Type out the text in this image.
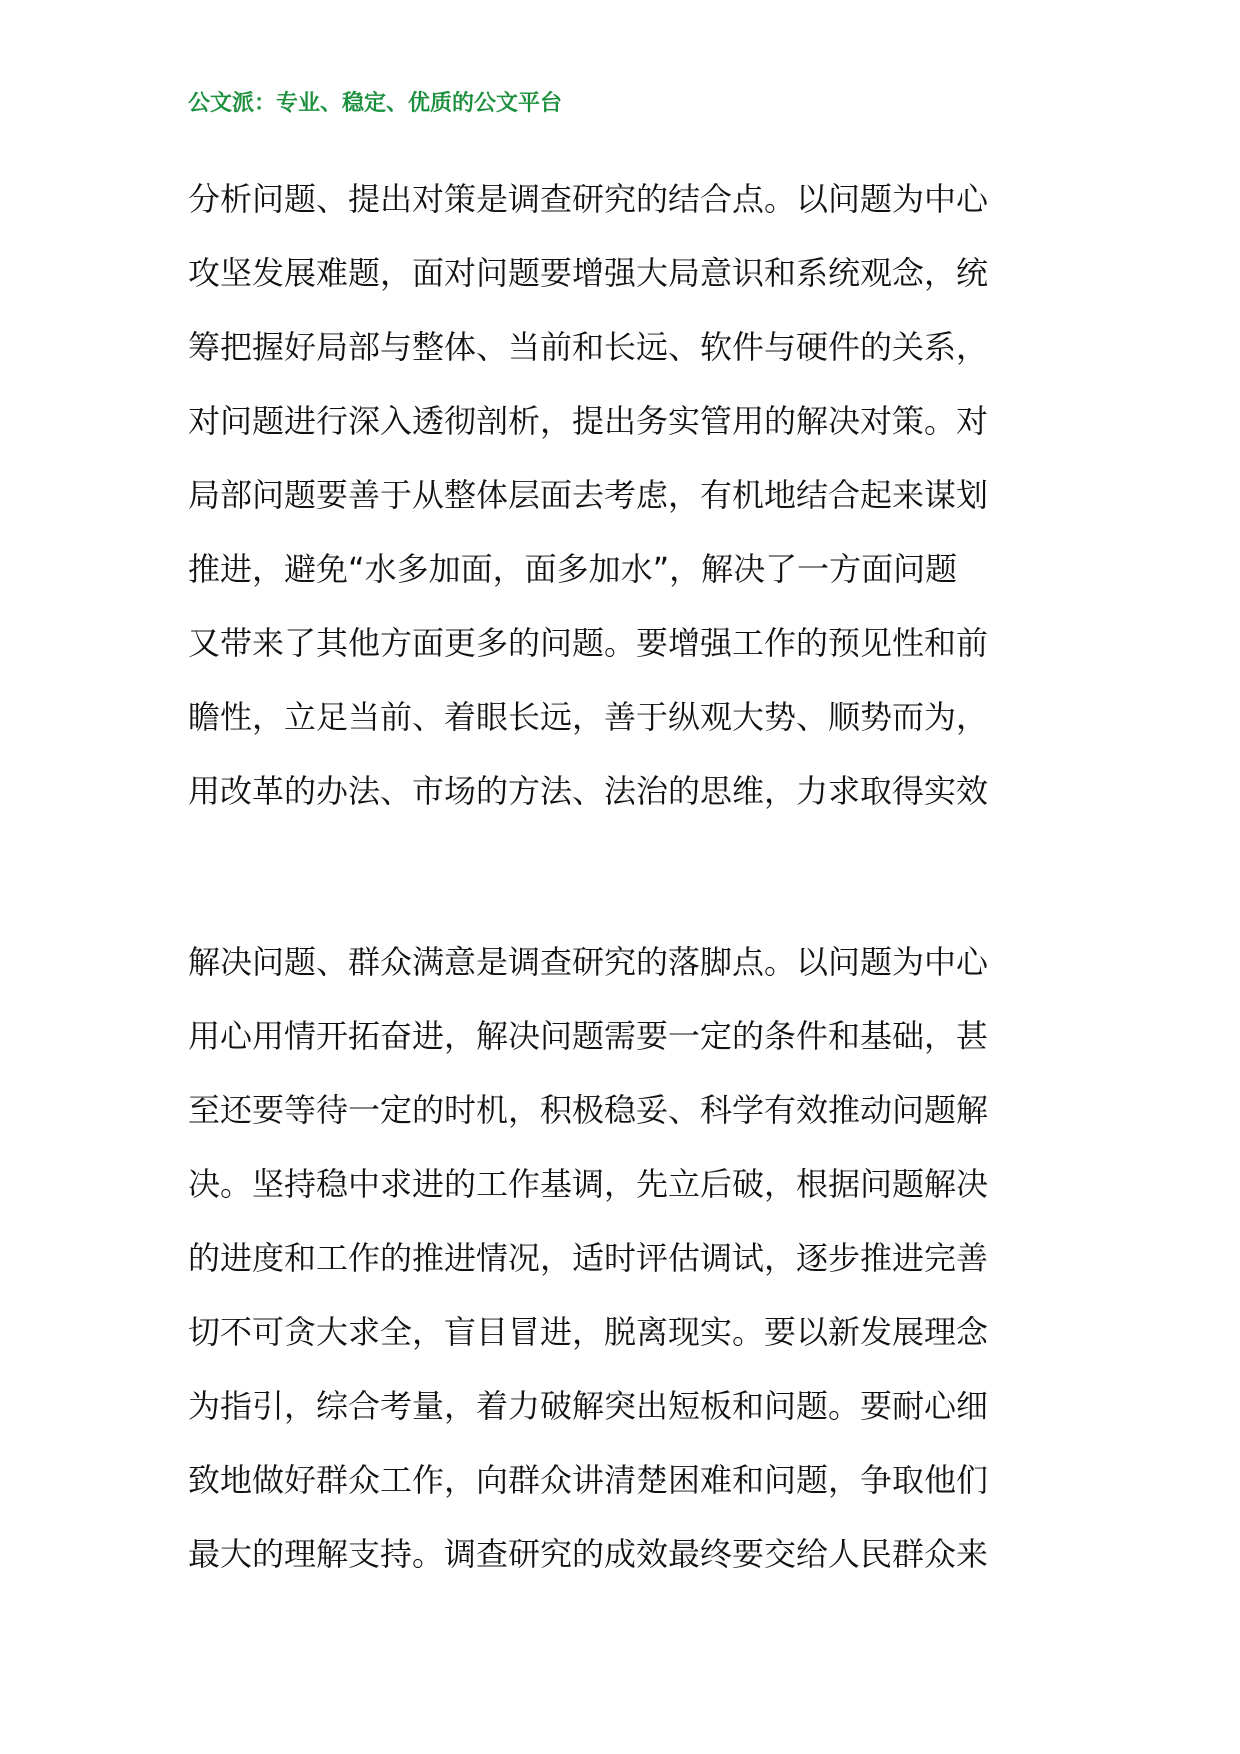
公文派：专业、稳定、优质的公文平台
分析问题、提出对策是调查研究的结合点。以问题为中心
攻坚发展难题，面对问题要增强大局意识和系统观念，统
筹把握好局部与整体、当前和长远、软件与硬件的关系，
对问题进行深入透彻剖析，提出务实管用的解决对策。对
局部问题要善于从整体层面去考虑，有机地结合起来谋划
推进，避免“水多加面，面多加水”，解决了一方面问题
又带来了其他方面更多的问题。要增强工作的预见性和前
瞻性，立足当前、着眼长远，善于纵观大势、顺势而为，
用改革的办法、市场的方法、法治的思维，力求取得实效
解决问题、群众满意是调查研究的落脚点。以问题为中心
用心用情开拓奋进，解决问题需要一定的条件和基础，甚
至还要等待一定的时机，积极稳妥、科学有效推动问题解
决。坚持稳中求进的工作基调，先立后破，根据问题解决
的进度和工作的推进情况，适时评估调试，逐步推进完善
切不可贪大求全，盲目冒进，脱离现实。要以新发展理念
为指引，综合考量，着力破解突出短板和问题。要耐心细
致地做好群众工作，向群众讲清楚困难和问题，争取他们
最大的理解支持。调查研究的成效最终要交给人民群众来
